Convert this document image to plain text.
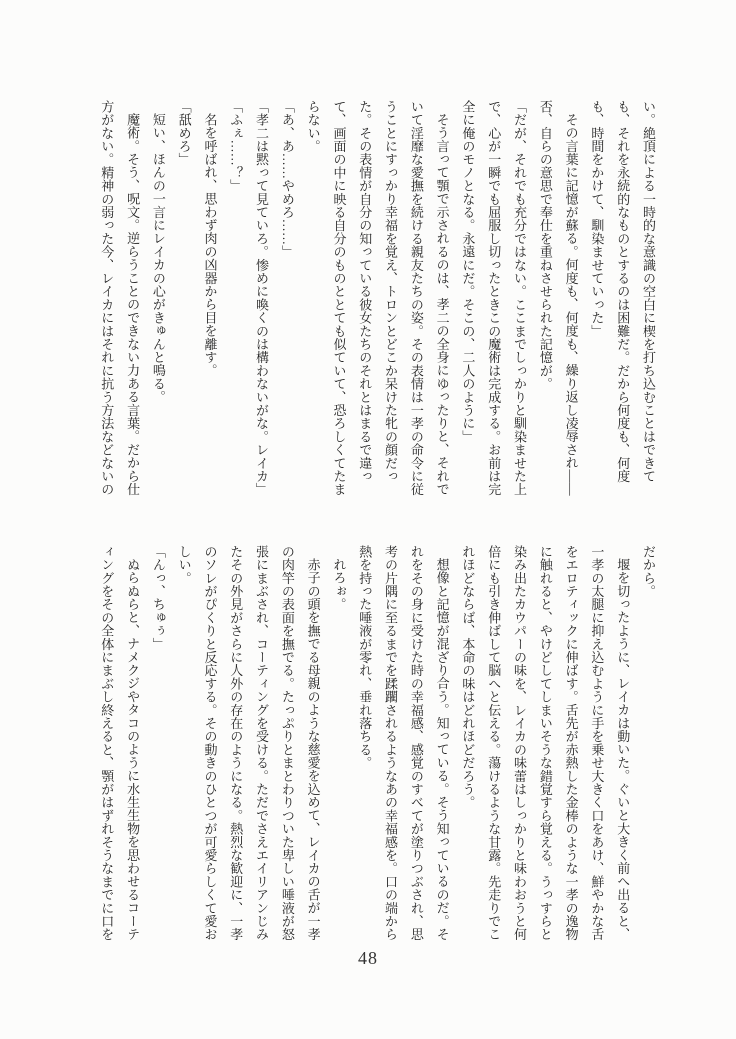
い。絶頂による一時的な意識の空白に楔を打ち込むことはできて
も、それを永続的なものとするのは困難だ。だから何度も、何度
も、時間をかけて、馴染ませていった」
その言葉に記憶が蘇る。何度も、何度も、繰り返し凌辱され――
否、自らの意思で奉仕を重ねさせられた記憶が。
「だが、それでも充分ではない。ここまでしっかりと馴染ませた上
で、心が一瞬でも屈服し切ったときこの魔術は完成する。お前は完
全に俺のモノとなる。永遠にだ。そこの、二人のように」
そう言って顎で示されるのは、孝二の全身にゆったりと、それで
いて淫靡な愛撫を続ける親友たちの姿。その表情は一孝の命令に従
うことにすっかり幸福を覚え、トロンとどこか呆けた牝の顔だっ
た。その表情が自分の知っている彼女たちのそれとはまるで違っ
て、画面の中に映る自分のものととても似ていて、恐ろしくてたま
らない。
「あ、あ……やめろ……」
「孝二は黙って見ていろ。惨めに喚くのは構わないがな。レイカ」
「ふぇ……？」
名を呼ばれ、思わず肉の凶器から目を離す。
「舐めろ」
短い、ほんの一言にレイカの心がきゅんと鳴る。
魔術。そう、呪文。逆らうことのできない力ある言葉。だから仕
方がない。精神の弱った今、レイカにはそれに抗う方法などないの
だから。
堰を切ったように、レイカは動いた。ぐいと大きく前へ出ると、
一孝の太腿に抑え込むように手を乗せ大きく口をあけ、鮮やかな舌
をエロティックに伸ばす。舌先が赤熱した金棒のような一孝の逸物
に触れると、やけどしてしまいそうな錯覚すら覚える。うっすらと
染み出たカウパーの味を、レイカの味蕾はしっかりと味わおうと何
倍にも引き伸ばして脳へと伝える。蕩けるような甘露。先走りでこ
れほどならば、本命の味はどれほどだろう。
想像と記憶が混ざり合う。知っている。そう知っているのだ。そ
れをその身に受けた時の幸福感、感覚のすべてが塗りつぶされ、思
考の片隅に至るまでを蹂躙されるようなあの幸福感を。口の端から
熱を持った唾液が零れ、垂れ落ちる。
れろぉ。
赤子の頭を撫でる母親のような慈愛を込めて、レイカの舌が一孝
の肉竿の表面を撫でる。たっぷりとまとわりついた卑しい唾液が怒
張にまぶされ、コーティングを受ける。ただでさえエイリアンじみ
たその外見がさらに人外の存在のようになる。熱烈な歓迎に、一孝
のソレがぴくりと反応する。その動きのひとつが可愛らしくて愛お
しい。
「んっ、ちゅぅ」
ぬらぬらと、ナメクジやタコのように水生生物を思わせるコーテ
ィングをその全体にまぶし終えると、顎がはずれそうなまでに口を
48
